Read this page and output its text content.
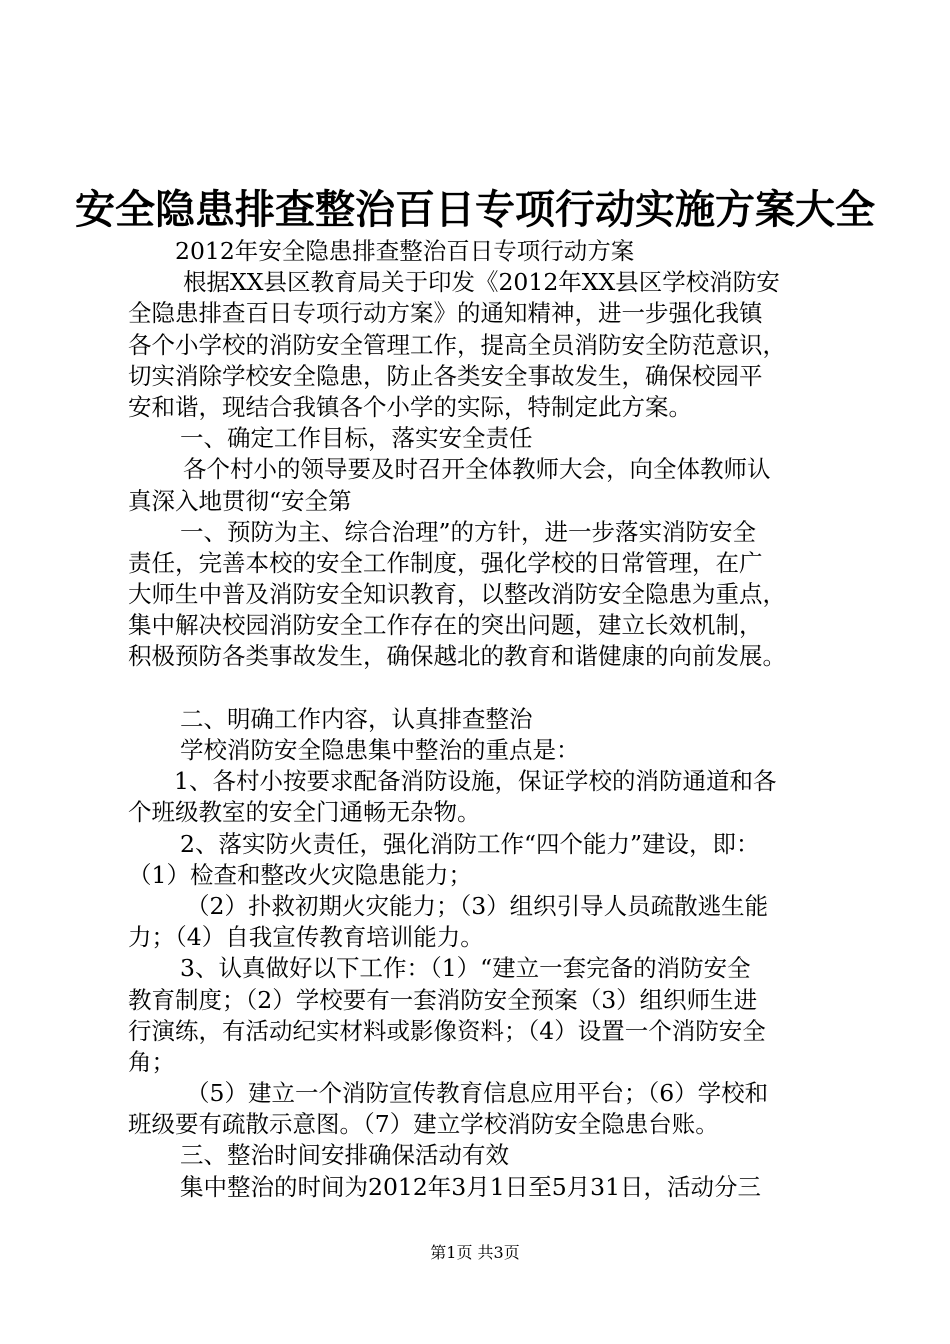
安全隐患排查整治百日专项行动实施方案大全
2012年安全隐患排查整治百日专项行动方案
根据XX县区教育局关于印发《2012年XX县区学校消防安
全隐患排查百日专项行动方案》的通知精神，进一步强化我镇
各个小学校的消防安全管理工作，提高全员消防安全防范意识，
切实消除学校安全隐患，防止各类安全事故发生，确保校园平
安和谐，现结合我镇各个小学的实际，特制定此方案。
一、确定工作目标，落实安全责任
各个村小的领导要及时召开全体教师大会，向全体教师认
真深入地贯彻“安全第
一、预防为主、综合治理”的方针，进一步落实消防安全
责任，完善本校的安全工作制度，强化学校的日常管理，在广
大师生中普及消防安全知识教育，以整改消防安全隐患为重点，
集中解决校园消防安全工作存在的突出问题，建立长效机制，
积极预防各类事故发生，确保越北的教育和谐健康的向前发展。
二、明确工作内容，认真排查整治
学校消防安全隐患集中整治的重点是：
1、各村小按要求配备消防设施，保证学校的消防通道和各
个班级教室的安全门通畅无杂物。
2、落实防火责任，强化消防工作“四个能力”建设，即：
（1）检查和整改火灾隐患能力；
（2）扑救初期火灾能力；（3）组织引导人员疏散逃生能
力；（4）自我宣传教育培训能力。
3、认真做好以下工作：（1）“建立一套完备的消防安全
教育制度；（2）学校要有一套消防安全预案（3）组织师生进
行演练，有活动纪实材料或影像资料；（4）设置一个消防安全
角；
（5）建立一个消防宣传教育信息应用平台；（6）学校和
班级要有疏散示意图。（7）建立学校消防安全隐患台账。
三、整治时间安排确保活动有效
集中整治的时间为2012年3月1日至5月31日，活动分三
第1页 共3页
